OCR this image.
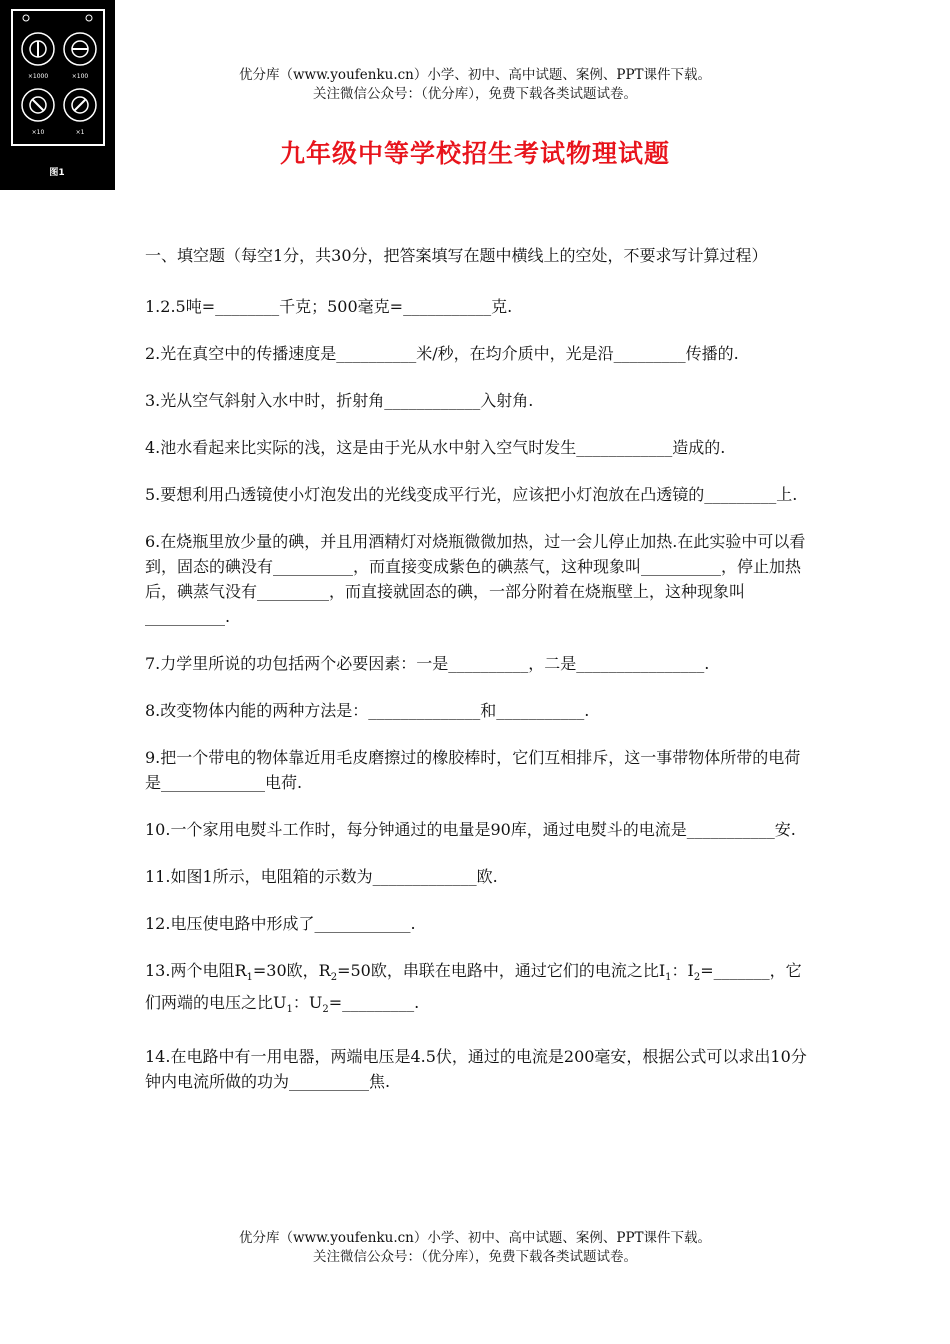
×1000	×100
×10	×1
图1
优分库（www.youfenku.cn）小学、初中、高中试题、案例、PPT课件下载。
关注微信公众号：（优分库），免费下载各类试题试卷。
九年级中等学校招生考试物理试题

一、填空题（每空1分，共30分，把答案填写在题中横线上的空处，不要求写计算过程）

1.2.5吨=________千克；500毫克=___________克.

2.光在真空中的传播速度是__________米/秒，在均介质中，光是沿_________传播的.

3.光从空气斜射入水中时，折射角____________入射角.

4.池水看起来比实际的浅，这是由于光从水中射入空气时发生____________造成的.

5.要想利用凸透镜使小灯泡发出的光线变成平行光，应该把小灯泡放在凸透镜的_________上.

6.在烧瓶里放少量的碘，并且用酒精灯对烧瓶微微加热，过一会儿停止加热.在此实验中可以看到，固态的碘没有__________，而直接变成紫色的碘蒸气，这种现象叫__________，停止加热后，碘蒸气没有_________，而直接就固态的碘，一部分附着在烧瓶壁上，这种现象叫__________.

7.力学里所说的功包括两个必要因素：一是__________，二是________________.

8.改变物体内能的两种方法是：______________和___________.

9.把一个带电的物体靠近用毛皮磨擦过的橡胶棒时，它们互相排斥，这一事带物体所带的电荷是_____________电荷.

10.一个家用电熨斗工作时，每分钟通过的电量是90库，通过电熨斗的电流是___________安.

11.如图1所示，电阻箱的示数为_____________欧.

12.电压使电路中形成了____________.

13.两个电阻$R_1=30$欧，$R_2=50$欧，串联在电路中，通过它们的电流之比$I_1$：$I_2=\_\_\_\_\_\_\_$，它们两端的电压之比$U_1$：$U_2=\_\_\_\_\_\_\_\_\_$.

14.在电路中有一用电器，两端电压是4.5伏，通过的电流是200毫安，根据公式可以求出10分钟内电流所做的功为__________焦.

优分库（www.youfenku.cn）小学、初中、高中试题、案例、PPT课件下载。
关注微信公众号：（优分库），免费下载各类试题试卷。
